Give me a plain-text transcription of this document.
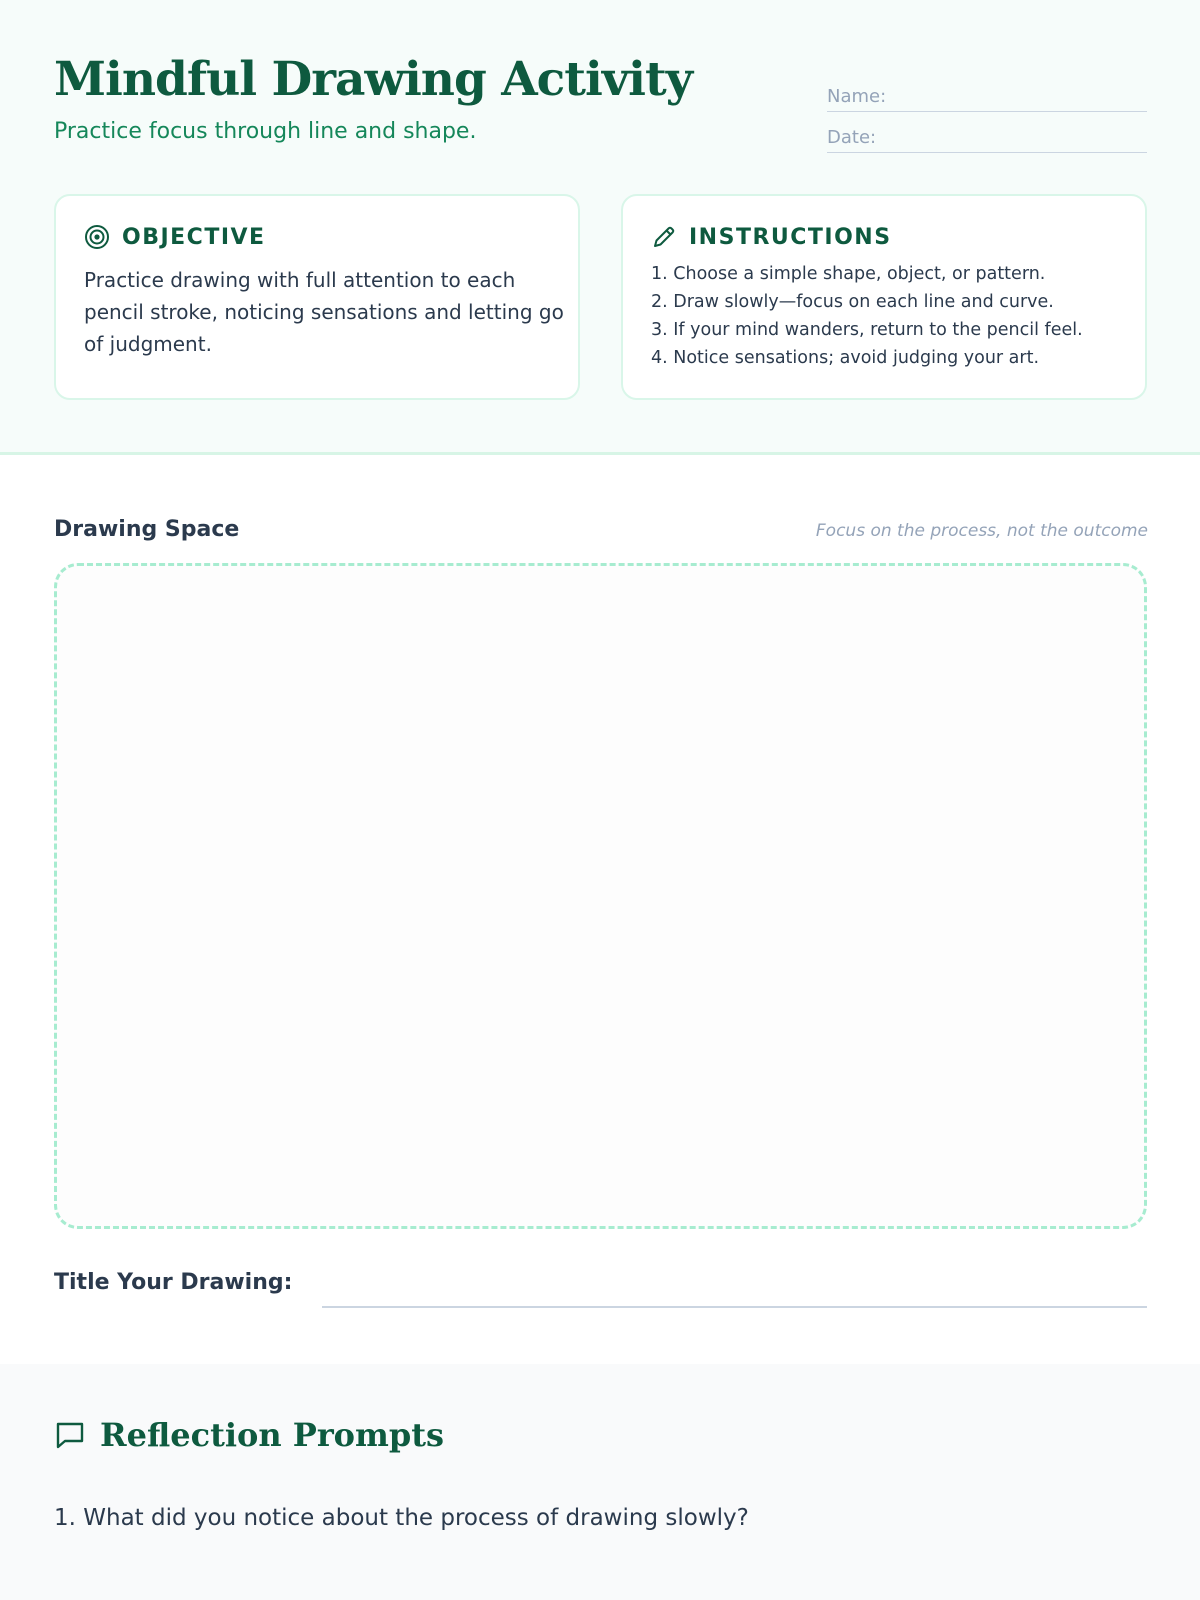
Mindful Drawing Activity

Practice focus through line and shape.

Name:
Date:
OBJECTIVE

Practice drawing with full attention to each pencil stroke, noticing sensations and letting go of judgment.

INSTRUCTIONS
1. Choose a simple shape, object, or pattern.
2. Draw slowly—focus on each line and curve.
3. If your mind wanders, return to the pencil feel.
4. Notice sensations; avoid judging your art.
Drawing Space	Focus on the process, not the outcome
Title Your Drawing:
Reflection Prompts
1. What did you notice about the process of drawing slowly?
